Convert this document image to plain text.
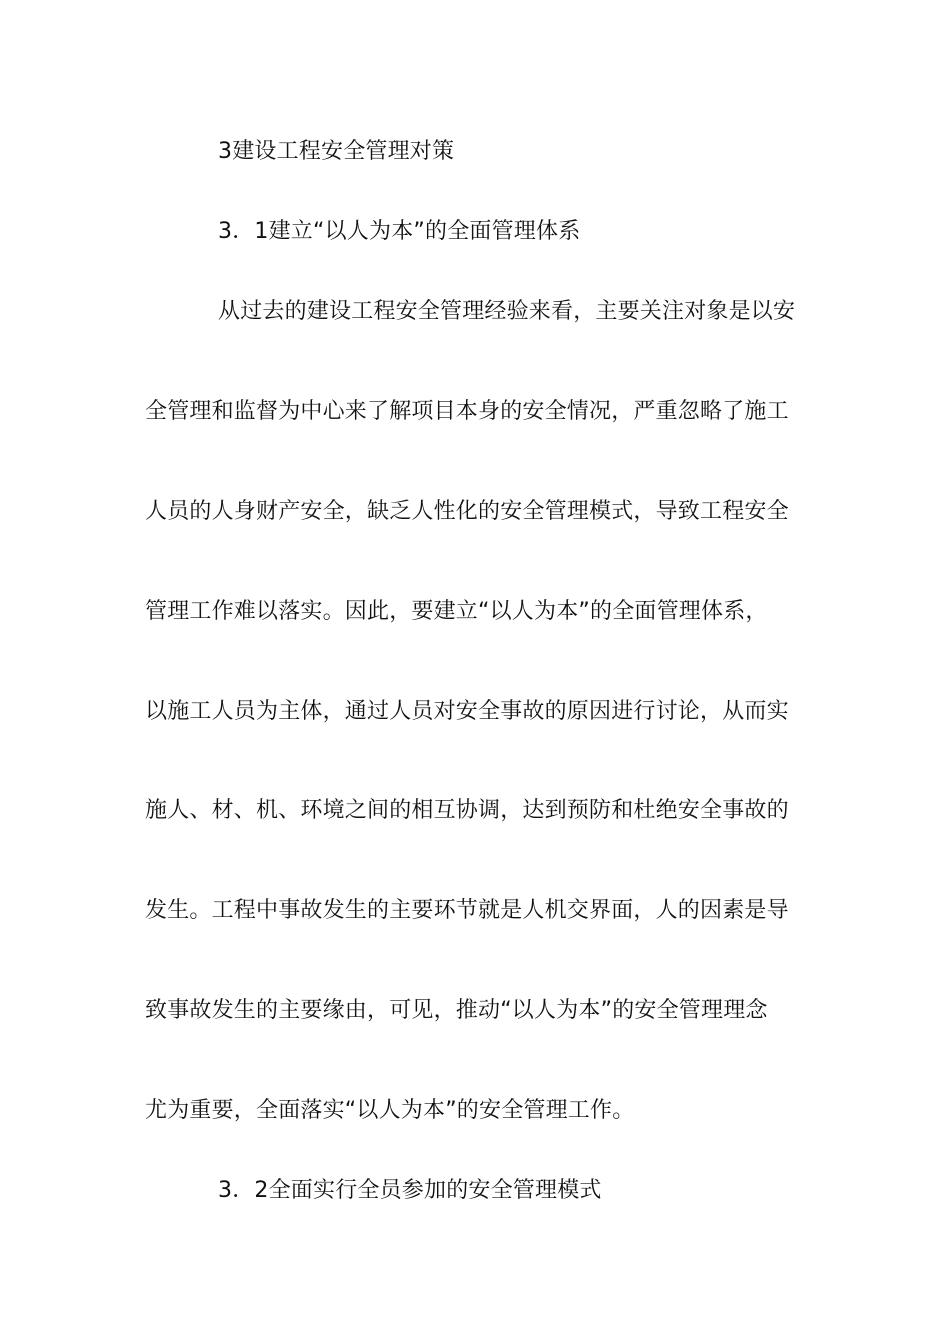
3建设工程安全管理对策
3．1建立“以人为本”的全面管理体系
从过去的建设工程安全管理经验来看，主要关注对象是以安
全管理和监督为中心来了解项目本身的安全情况，严重忽略了施工
人员的人身财产安全，缺乏人性化的安全管理模式，导致工程安全
管理工作难以落实。因此，要建立“以人为本”的全面管理体系，
以施工人员为主体，通过人员对安全事故的原因进行讨论，从而实
施人、材、机、环境之间的相互协调，达到预防和杜绝安全事故的
发生。工程中事故发生的主要环节就是人机交界面，人的因素是导
致事故发生的主要缘由，可见，推动“以人为本”的安全管理理念
尤为重要，全面落实“以人为本”的安全管理工作。
3．2全面实行全员参加的安全管理模式
